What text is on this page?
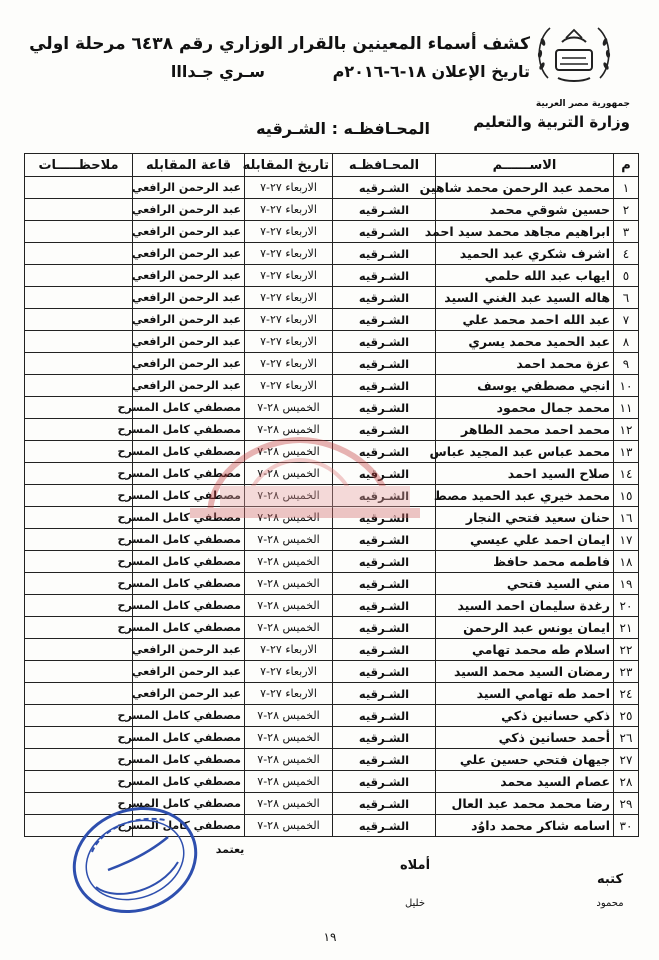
كشف أسماء المعينين بالقرار الوزاري رقم ٦٤٣٨ مرحلة اولي
تاريخ الإعلان ١٨-٦-٢٠١٦م سـري جـدااا
جمهورية مصر العربية
وزارة التربية والتعليم
المحـافظـه : الشـرقيه
م	الاســــــم	المحـافظـه	تاريخ المقابله	قاعة المقابله	ملاحظـــــات
١	محمد عبد الرحمن محمد شاهين	الشـرقيه	الاربعاء ٢٧-٧	عبد الرحمن الرافعي	
٢	حسين شوقي محمد	الشـرقيه	الاربعاء ٢٧-٧	عبد الرحمن الرافعي	
٣	ابراهيم مجاهد محمد سيد احمد	الشـرقيه	الاربعاء ٢٧-٧	عبد الرحمن الرافعي	
٤	اشرف شكري عبد الحميد	الشـرقيه	الاربعاء ٢٧-٧	عبد الرحمن الرافعي	
٥	ايهاب عبد الله حلمي	الشـرقيه	الاربعاء ٢٧-٧	عبد الرحمن الرافعي	
٦	هاله السيد عبد الغني السيد	الشـرقيه	الاربعاء ٢٧-٧	عبد الرحمن الرافعي	
٧	عبد الله احمد محمد علي	الشـرقيه	الاربعاء ٢٧-٧	عبد الرحمن الرافعي	
٨	عبد الحميد محمد يسري	الشـرقيه	الاربعاء ٢٧-٧	عبد الرحمن الرافعي	
٩	عزة محمد احمد	الشـرقيه	الاربعاء ٢٧-٧	عبد الرحمن الرافعي	
١٠	انجي مصطفي يوسف	الشـرقيه	الاربعاء ٢٧-٧	عبد الرحمن الرافعي	
١١	محمد جمال محمود	الشـرقيه	الخميس ٢٨-٧	مصطفي كامل المسرح	
١٢	محمد احمد محمد الطاهر	الشـرقيه	الخميس ٢٨-٧	مصطفي كامل المسرح	
١٣	محمد عباس عبد المجيد عباس	الشـرقيه	الخميس ٢٨-٧	مصطفي كامل المسرح	
١٤	صلاح السيد احمد	الشـرقيه	الخميس ٢٨-٧	مصطفي كامل المسرح	
١٥	محمد خيري عبد الحميد مصط	الشـرقيه	الخميس ٢٨-٧	مصطفي كامل المسرح	
١٦	حنان سعيد فتحي النجار	الشـرقيه	الخميس ٢٨-٧	مصطفي كامل المسرح	
١٧	ايمان احمد علي عيسي	الشـرقيه	الخميس ٢٨-٧	مصطفي كامل المسرح	
١٨	فاطمه محمد حافظ	الشـرقيه	الخميس ٢٨-٧	مصطفي كامل المسرح	
١٩	مني السيد فتحي	الشـرقيه	الخميس ٢٨-٧	مصطفي كامل المسرح	
٢٠	رغدة سليمان احمد السيد	الشـرقيه	الخميس ٢٨-٧	مصطفي كامل المسرح	
٢١	ايمان يونس عبد الرحمن	الشـرقيه	الخميس ٢٨-٧	مصطفي كامل المسرح	
٢٢	اسلام طه محمد تهامي	الشـرقيه	الاربعاء ٢٧-٧	عبد الرحمن الرافعي	
٢٣	رمضان السيد محمد السيد	الشـرقيه	الاربعاء ٢٧-٧	عبد الرحمن الرافعي	
٢٤	احمد طه تهامي السيد	الشـرقيه	الاربعاء ٢٧-٧	عبد الرحمن الرافعي	
٢٥	ذكي حسانين ذكي	الشـرقيه	الخميس ٢٨-٧	مصطفي كامل المسرح	
٢٦	أحمد حسانين ذكي	الشـرقيه	الخميس ٢٨-٧	مصطفي كامل المسرح	
٢٧	جيهان فتحي حسين علي	الشـرقيه	الخميس ٢٨-٧	مصطفي كامل المسرح	
٢٨	عصام السيد محمد	الشـرقيه	الخميس ٢٨-٧	مصطفي كامل المسرح	
٢٩	رضا محمد محمد عبد العال	الشـرقيه	الخميس ٢٨-٧	مصطفي كامل المسرح	
٣٠	اسامه شاكر محمد داوُد	الشـرقيه	الخميس ٢٨-٧	مصطفي كامل المسرح	
يعتمد
كتبه
محمود
أملاه
خليل
١٩
